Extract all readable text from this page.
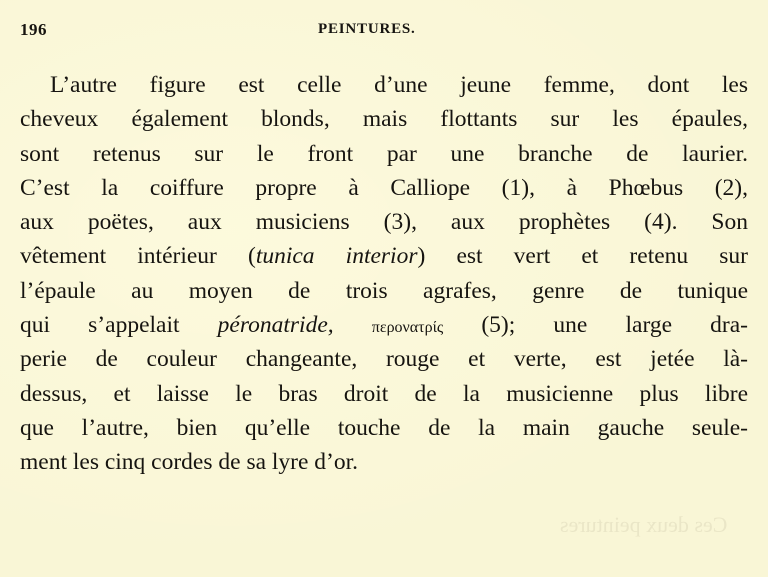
Ces deux peintures
196	PEINTURES.
L’autre figure est celle d’une jeune femme, dont les
cheveux également blonds, mais flottants sur les épaules,
sont retenus sur le front par une branche de laurier.
C’est la coiffure propre à Calliope (1), à Phœbus (2),
aux poëtes, aux musiciens (3), aux prophètes (4). Son
vêtement intérieur (tunica interior) est vert et retenu sur
l’épaule au moyen de trois agrafes, genre de tunique
qui s’appelait péronatride, περονατρίς (5); une large dra-
perie de couleur changeante, rouge et verte, est jetée là-
dessus, et laisse le bras droit de la musicienne plus libre
que l’autre, bien qu’elle touche de la main gauche seule-
ment les cinq cordes de sa lyre d’or.
